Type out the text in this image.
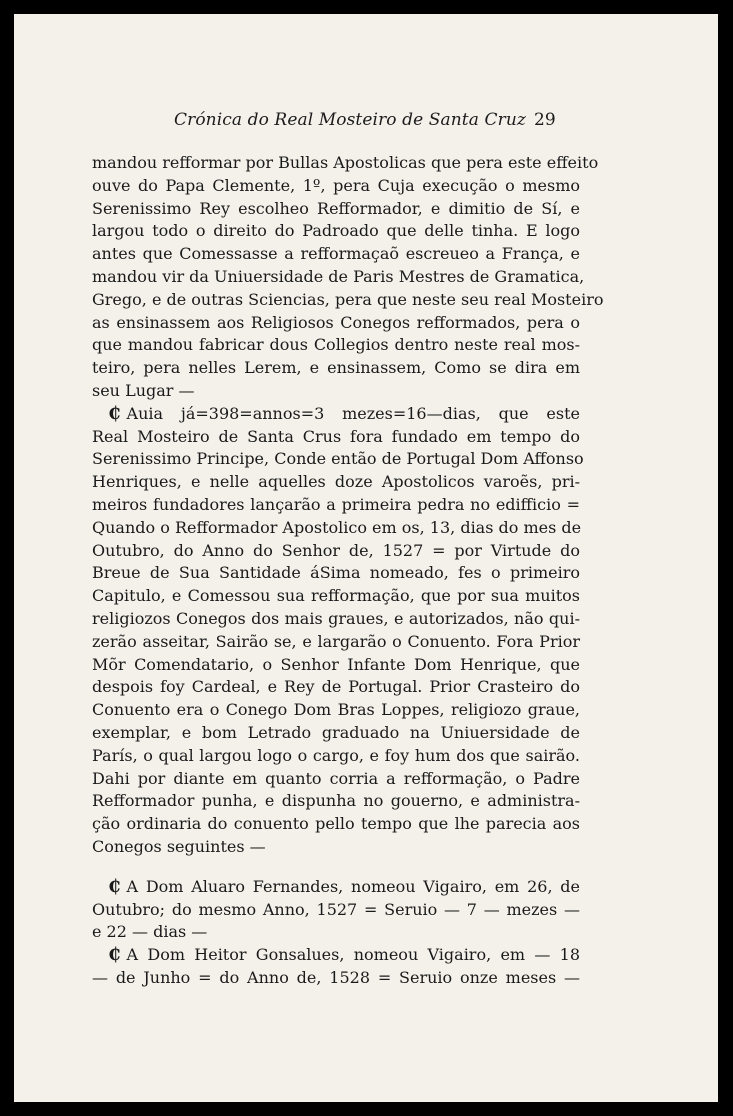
Crónica do Real Mosteiro de Santa Cruz 29
mandou refformar por Bullas Apostolicas que pera este effeito
ouve do Papa Clemente, 1º, pera Cuja execução o mesmo
Serenissimo Rey escolheo Refformador, e dimitio de Sí, e
largou todo o direito do Padroado que delle tinha. E logo
antes que Comessasse a refformaçaõ escreueo a França, e
mandou vir da Uniuersidade de Paris Mestres de Gramatica,
Grego, e de outras Sciencias, pera que neste seu real Mosteiro
as ensinassem aos Religiosos Conegos refformados, pera o
que mandou fabricar dous Collegios dentro neste real mos-
teiro, pera nelles Lerem, e ensinassem, Como se dira em
seu Lugar —
₵ Auia já=398=annos=3 mezes=16—dias, que este
Real Mosteiro de Santa Crus fora fundado em tempo do
Serenissimo Principe, Conde então de Portugal Dom Affonso
Henriques, e nelle aquelles doze Apostolicos varoẽs, pri-
meiros fundadores lançarão a primeira pedra no edifficio =
Quando o Refformador Apostolico em os, 13, dias do mes de
Outubro, do Anno do Senhor de, 1527 = por Virtude do
Breue de Sua Santidade áSima nomeado, fes o primeiro
Capitulo, e Comessou sua refformação, que por sua muitos
religiozos Conegos dos mais graues, e autorizados, não qui-
zerão asseitar, Sairão se, e largarão o Conuento. Fora Prior
Mõr Comendatario, o Senhor Infante Dom Henrique, que
despois foy Cardeal, e Rey de Portugal. Prior Crasteiro do
Conuento era o Conego Dom Bras Loppes, religiozo graue,
exemplar, e bom Letrado graduado na Uniuersidade de
París, o qual largou logo o cargo, e foy hum dos que sairão.
Dahi por diante em quanto corria a refformação, o Padre
Refformador punha, e dispunha no gouerno, e administra-
ção ordinaria do conuento pello tempo que lhe parecia aos
Conegos seguintes —
₵ A Dom Aluaro Fernandes, nomeou Vigairo, em 26, de
Outubro; do mesmo Anno, 1527 = Seruio — 7 — mezes —
e 22 — dias —
₵ A Dom Heitor Gonsalues, nomeou Vigairo, em — 18
— de Junho = do Anno de, 1528 = Seruio onze meses —
